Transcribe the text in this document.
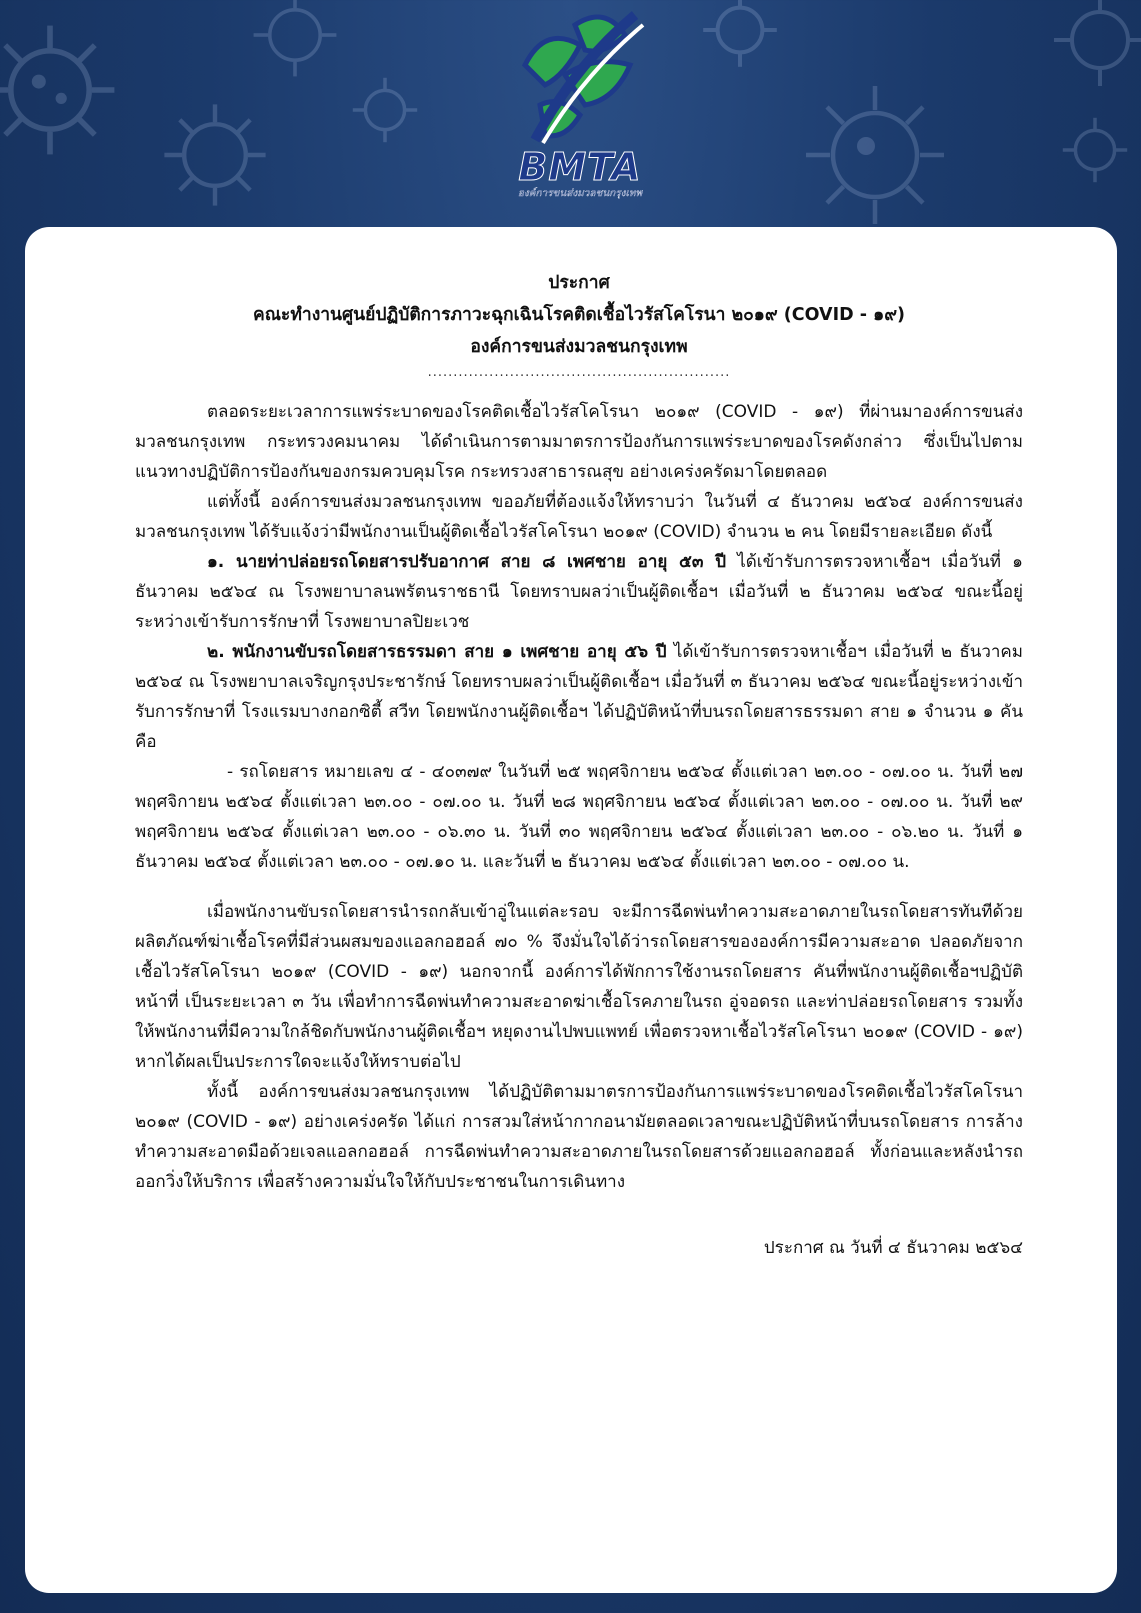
BMTA
องค์การขนส่งมวลชนกรุงเทพ
ประกาศ
คณะทำงานศูนย์ปฏิบัติการภาวะฉุกเฉินโรคติดเชื้อไวรัสโคโรนา ๒๐๑๙ (COVID - ๑๙)
องค์การขนส่งมวลชนกรุงเทพ
...........................................................

ตลอดระยะเวลาการแพร่ระบาดของโรคติดเชื้อไวรัสโคโรนา ๒๐๑๙ (COVID - ๑๙) ที่ผ่านมาองค์การขนส่งมวลชนกรุงเทพ กระทรวงคมนาคม ได้ดำเนินการตามมาตรการป้องกันการแพร่ระบาดของโรคดังกล่าว ซึ่งเป็นไปตามแนวทางปฏิบัติการป้องกันของกรมควบคุมโรค กระทรวงสาธารณสุข อย่างเคร่งครัดมาโดยตลอด

แต่ทั้งนี้ องค์การขนส่งมวลชนกรุงเทพ ขออภัยที่ต้องแจ้งให้ทราบว่า ในวันที่ ๔ ธันวาคม ๒๕๖๔ องค์การขนส่งมวลชนกรุงเทพ ได้รับแจ้งว่ามีพนักงานเป็นผู้ติดเชื้อไวรัสโคโรนา ๒๐๑๙ (COVID) จำนวน ๒ คน โดยมีรายละเอียด ดังนี้

๑. นายท่าปล่อยรถโดยสารปรับอากาศ สาย ๘ เพศชาย อายุ ๕๓ ปี ได้เข้ารับการตรวจหาเชื้อฯ เมื่อวันที่ ๑ ธันวาคม ๒๕๖๔ ณ โรงพยาบาลนพรัตนราชธานี โดยทราบผลว่าเป็นผู้ติดเชื้อฯ เมื่อวันที่ ๒ ธันวาคม ๒๕๖๔ ขณะนี้อยู่ระหว่างเข้ารับการรักษาที่ โรงพยาบาลปิยะเวช

๒. พนักงานขับรถโดยสารธรรมดา สาย ๑ เพศชาย อายุ ๕๖ ปี ได้เข้ารับการตรวจหาเชื้อฯ เมื่อวันที่ ๒ ธันวาคม ๒๕๖๔ ณ โรงพยาบาลเจริญกรุงประชารักษ์ โดยทราบผลว่าเป็นผู้ติดเชื้อฯ เมื่อวันที่ ๓ ธันวาคม ๒๕๖๔ ขณะนี้อยู่ระหว่างเข้ารับการรักษาที่ โรงแรมบางกอกซิตี้ สวีท โดยพนักงานผู้ติดเชื้อฯ ได้ปฏิบัติหน้าที่บนรถโดยสารธรรมดา สาย ๑ จำนวน ๑ คัน คือ

- รถโดยสาร หมายเลข ๔ - ๔๐๓๗๙ ในวันที่ ๒๕ พฤศจิกายน ๒๕๖๔ ตั้งแต่เวลา ๒๓.๐๐ - ๐๗.๐๐ น. วันที่ ๒๗ พฤศจิกายน ๒๕๖๔ ตั้งแต่เวลา ๒๓.๐๐ - ๐๗.๐๐ น. วันที่ ๒๘ พฤศจิกายน ๒๕๖๔ ตั้งแต่เวลา ๒๓.๐๐ - ๐๗.๐๐ น. วันที่ ๒๙ พฤศจิกายน ๒๕๖๔ ตั้งแต่เวลา ๒๓.๐๐ - ๐๖.๓๐ น. วันที่ ๓๐ พฤศจิกายน ๒๕๖๔ ตั้งแต่เวลา ๒๓.๐๐ - ๐๖.๒๐ น. วันที่ ๑ ธันวาคม ๒๕๖๔ ตั้งแต่เวลา ๒๓.๐๐ - ๐๗.๑๐ น. และวันที่ ๒ ธันวาคม ๒๕๖๔ ตั้งแต่เวลา ๒๓.๐๐ - ๐๗.๐๐ น.

เมื่อพนักงานขับรถโดยสารนำรถกลับเข้าอู่ในแต่ละรอบ จะมีการฉีดพ่นทำความสะอาดภายในรถโดยสารทันทีด้วยผลิตภัณฑ์ฆ่าเชื้อโรคที่มีส่วนผสมของแอลกอฮอล์ ๗๐ % จึงมั่นใจได้ว่ารถโดยสารขององค์การมีความสะอาด ปลอดภัยจากเชื้อไวรัสโคโรนา ๒๐๑๙ (COVID - ๑๙) นอกจากนี้ องค์การได้พักการใช้งานรถโดยสาร คันที่พนักงานผู้ติดเชื้อฯปฏิบัติหน้าที่ เป็นระยะเวลา ๓ วัน เพื่อทำการฉีดพ่นทำความสะอาดฆ่าเชื้อโรคภายในรถ อู่จอดรถ และท่าปล่อยรถโดยสาร รวมทั้ง ให้พนักงานที่มีความใกล้ชิดกับพนักงานผู้ติดเชื้อฯ หยุดงานไปพบแพทย์ เพื่อตรวจหาเชื้อไวรัสโคโรนา ๒๐๑๙ (COVID - ๑๙) หากได้ผลเป็นประการใดจะแจ้งให้ทราบต่อไป

ทั้งนี้ องค์การขนส่งมวลชนกรุงเทพ ได้ปฏิบัติตามมาตรการป้องกันการแพร่ระบาดของโรคติดเชื้อไวรัสโคโรนา ๒๐๑๙ (COVID - ๑๙) อย่างเคร่งครัด ได้แก่ การสวมใส่หน้ากากอนามัยตลอดเวลาขณะปฏิบัติหน้าที่บนรถโดยสาร การล้างทำความสะอาดมือด้วยเจลแอลกอฮอล์ การฉีดพ่นทำความสะอาดภายในรถโดยสารด้วยแอลกอฮอล์ ทั้งก่อนและหลังนำรถออกวิ่งให้บริการ เพื่อสร้างความมั่นใจให้กับประชาชนในการเดินทาง

ประกาศ ณ วันที่ ๔ ธันวาคม ๒๕๖๔
